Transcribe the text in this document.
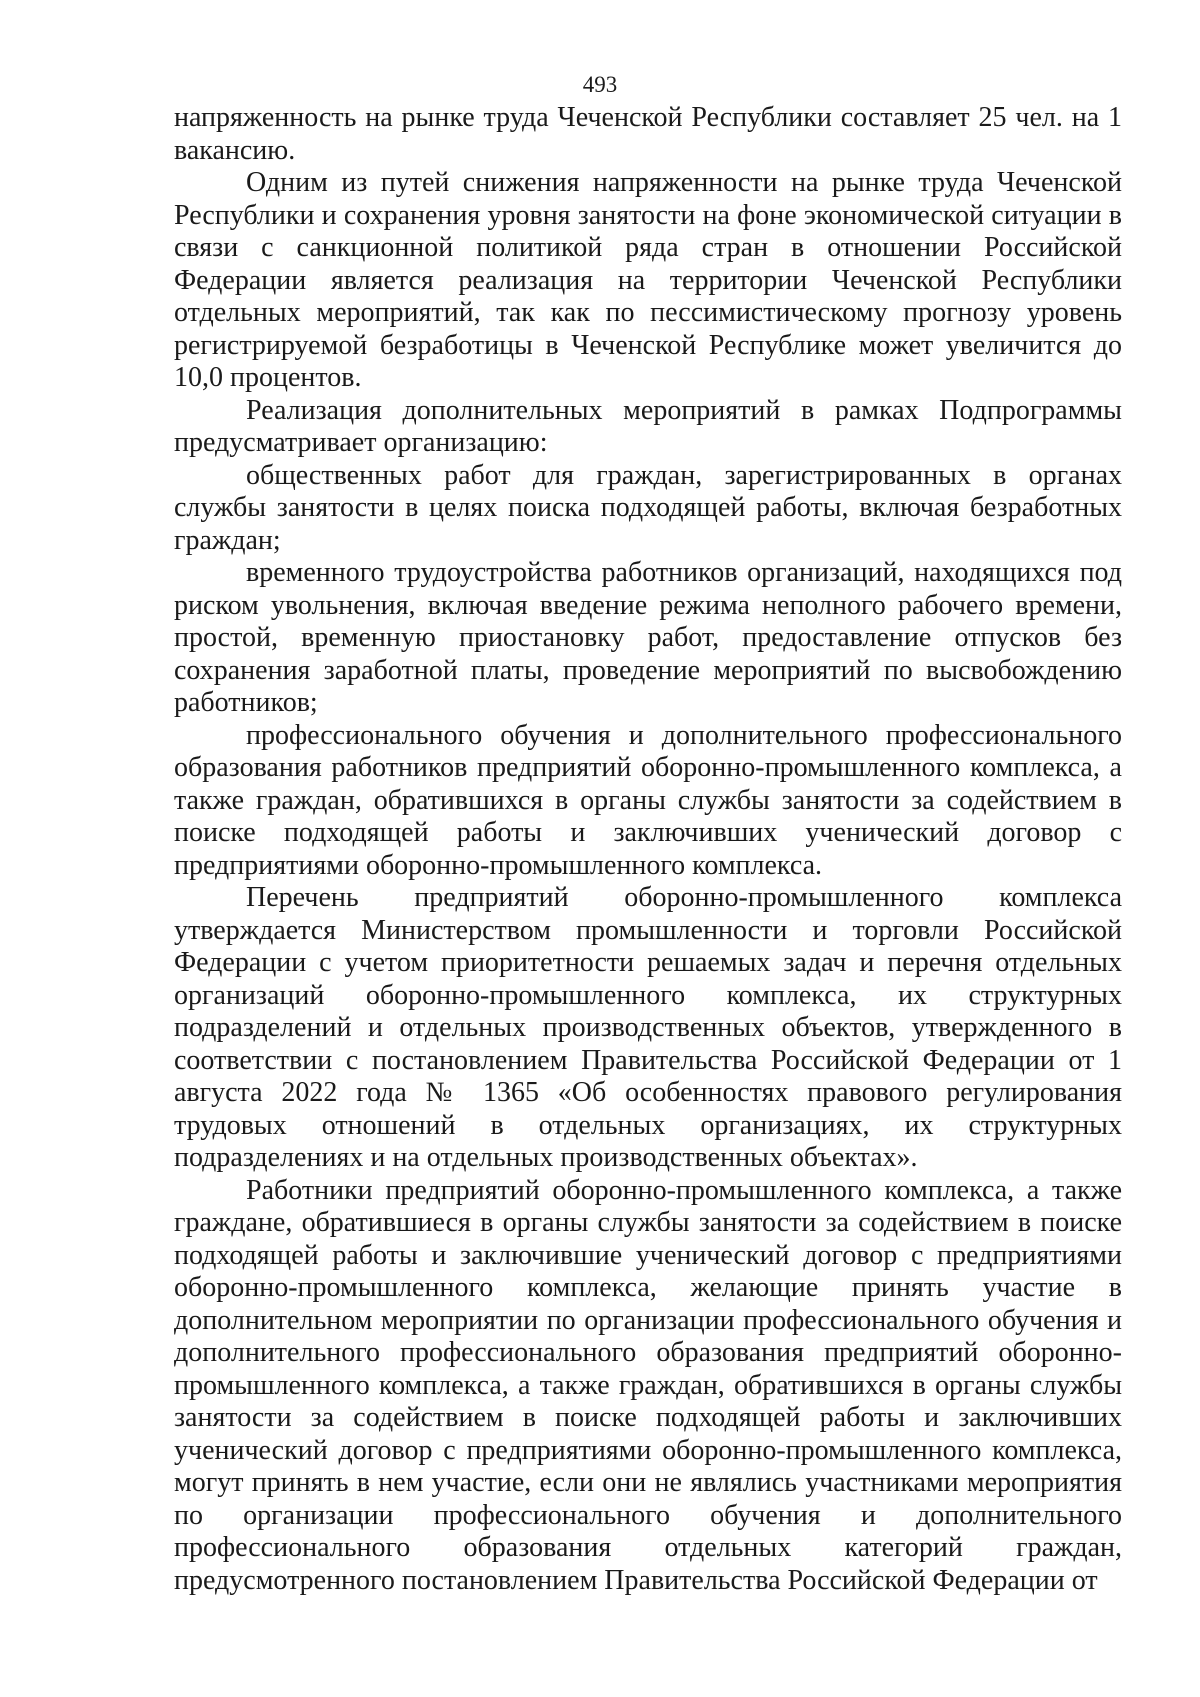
493

напряженность на рынке труда Чеченской Республики составляет 25 чел. на 1 вакансию.

Одним из путей снижения напряженности на рынке труда Чеченской Республики и сохранения уровня занятости на фоне экономической ситуации в связи с санкционной политикой ряда стран в отношении Российской Федерации является реализация на территории Чеченской Республики отдельных мероприятий, так как по пессимистическому прогнозу уровень регистрируемой безработицы в Чеченской Республике может увеличится до 10,0 процентов.

Реализация дополнительных мероприятий в рамках Подпрограммы предусматривает организацию:

общественных работ для граждан, зарегистрированных в органах службы занятости в целях поиска подходящей работы, включая безработных граждан;

временного трудоустройства работников организаций, находящихся под риском увольнения, включая введение режима неполного рабочего времени, простой, временную приостановку работ, предоставление отпусков без сохранения заработной платы, проведение мероприятий по высвобождению работников;

профессионального обучения и дополнительного профессионального образования работников предприятий оборонно-промышленного комплекса, а также граждан, обратившихся в органы службы занятости за содействием в поиске подходящей работы и заключивших ученический договор с предприятиями оборонно-промышленного комплекса.

Перечень предприятий оборонно-промышленного комплекса утверждается Министерством промышленности и торговли Российской Федерации с учетом приоритетности решаемых задач и перечня отдельных организаций оборонно-промышленного комплекса, их структурных подразделений и отдельных производственных объектов, утвержденного в соответствии с постановлением Правительства Российской Федерации от 1 августа 2022 года № 1365 «Об особенностях правового регулирования трудовых отношений в отдельных организациях, их структурных подразделениях и на отдельных производственных объектах».

Работники предприятий оборонно-промышленного комплекса, а также граждане, обратившиеся в органы службы занятости за содействием в поиске подходящей работы и заключившие ученический договор с предприятиями оборонно-промышленного комплекса, желающие принять участие в дополнительном мероприятии по организации профессионального обучения и дополнительного профессионального образования предприятий оборонно-промышленного комплекса, а также граждан, обратившихся в органы службы занятости за содействием в поиске подходящей работы и заключивших ученический договор с предприятиями оборонно-промышленного комплекса, могут принять в нем участие, если они не являлись участниками мероприятия по организации профессионального обучения и дополнительного профессионального образования отдельных категорий граждан, предусмотренного постановлением Правительства Российской Федерации от
